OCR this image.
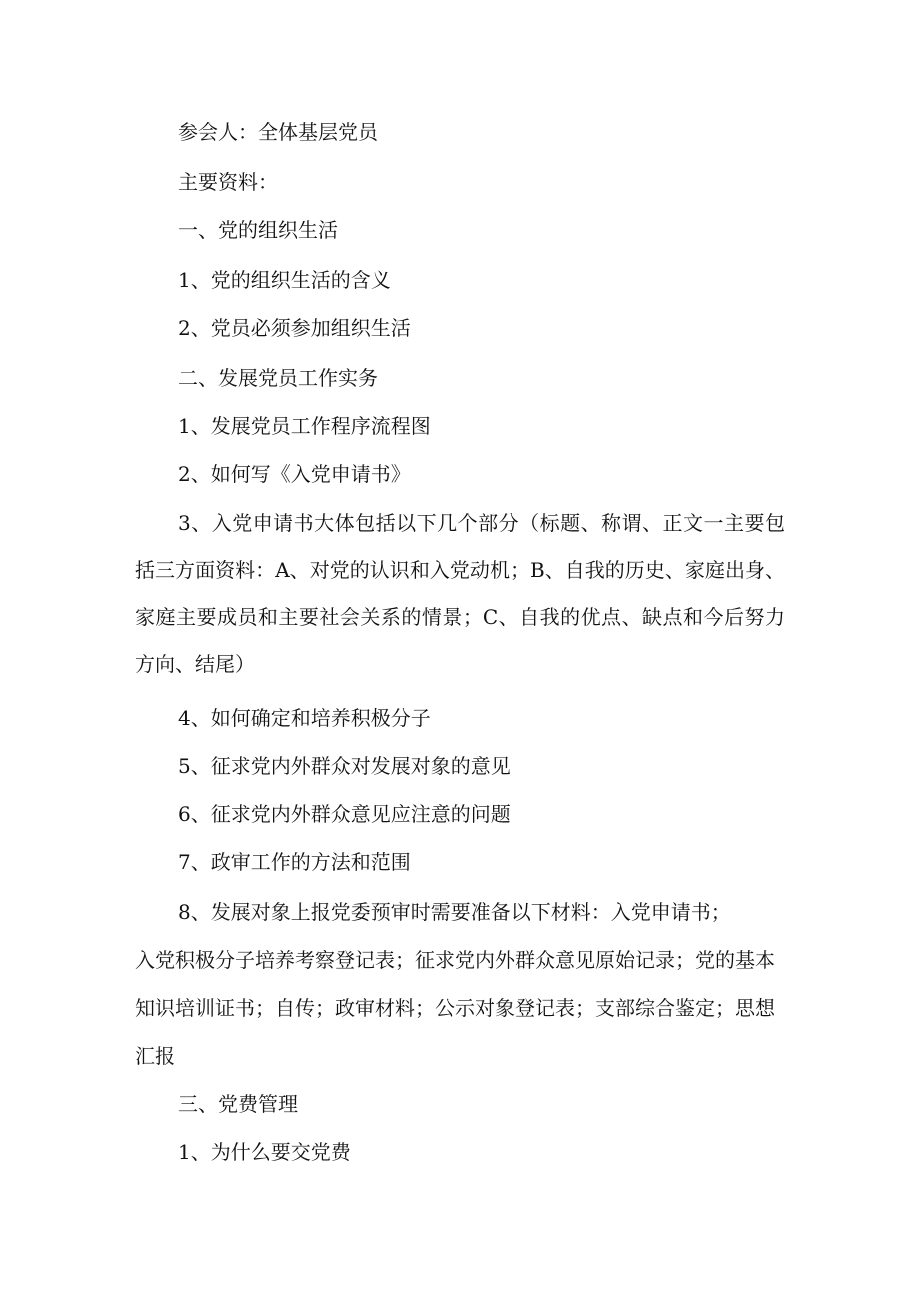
参会人：全体基层党员
主要资料：
一、党的组织生活
1、党的组织生活的含义
2、党员必须参加组织生活
二、发展党员工作实务
1、发展党员工作程序流程图
2、如何写《入党申请书》
3、入党申请书大体包括以下几个部分（标题、称谓、正文一主要包括三方面资料：A、对党的认识和入党动机；B、自我的历史、家庭出身、家庭主要成员和主要社会关系的情景；C、自我的优点、缺点和今后努力方向、结尾）
4、如何确定和培养积极分子
5、征求党内外群众对发展对象的意见
6、征求党内外群众意见应注意的问题
7、政审工作的方法和范围
8、发展对象上报党委预审时需要准备以下材料：入党申请书；
入党积极分子培养考察登记表；征求党内外群众意见原始记录；党的基本
知识培训证书；自传；政审材料；公示对象登记表；支部综合鉴定；思想
汇报
三、党费管理
1、为什么要交党费
